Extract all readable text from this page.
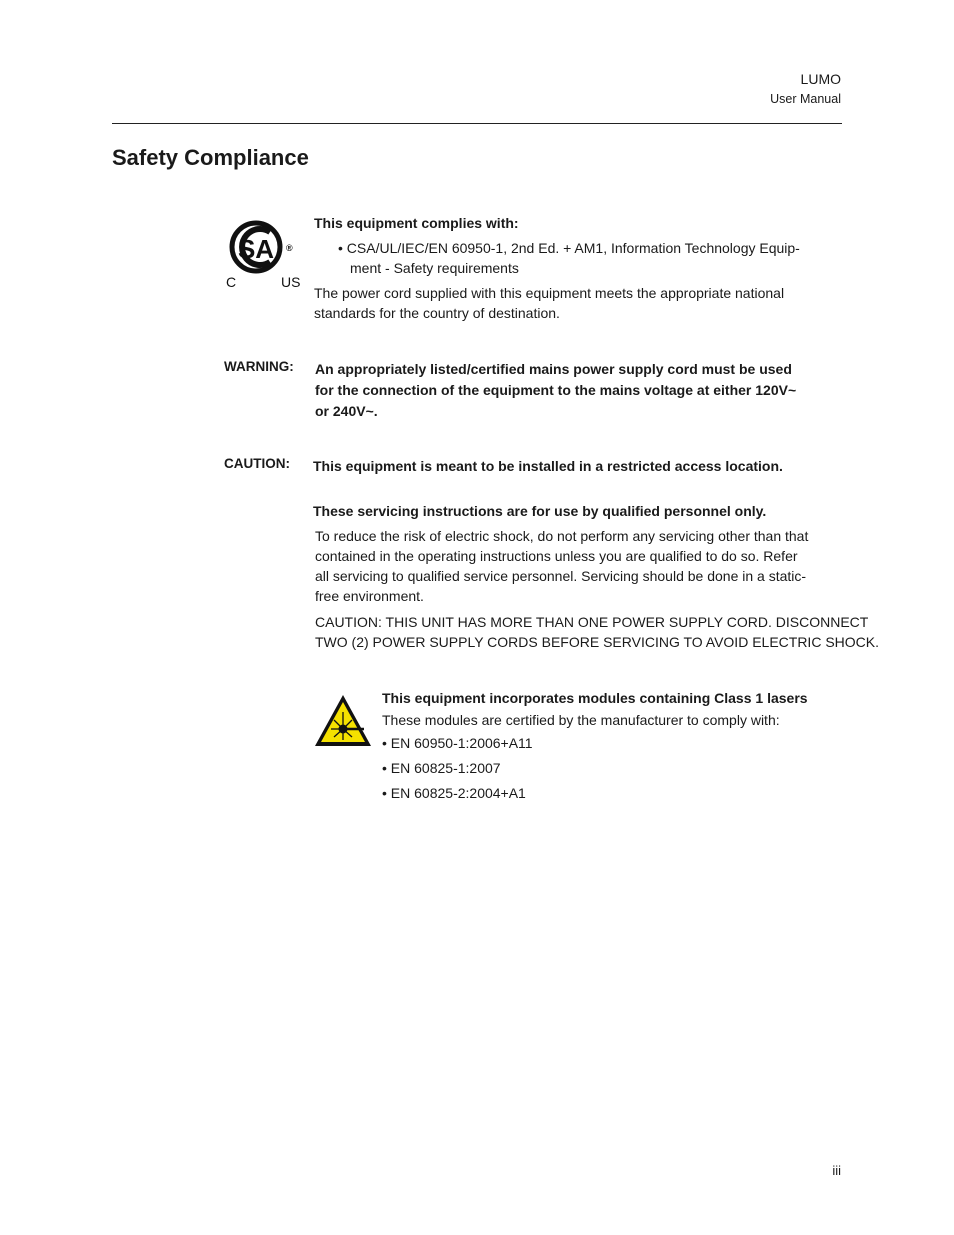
LUMO
User Manual
Safety Compliance
SA ®
C	US
This equipment complies with:
• CSA/UL/IEC/EN 60950-1, 2nd Ed. + AM1, Information Technology Equip-
ment - Safety requirements
The power cord supplied with this equipment meets the appropriate national
standards for the country of destination.
WARNING: An appropriately listed/certified mains power supply cord must be used
for the connection of the equipment to the mains voltage at either 120V~
or 240V~.
CAUTION: This equipment is meant to be installed in a restricted access location.
These servicing instructions are for use by qualified personnel only.
To reduce the risk of electric shock, do not perform any servicing other than that
contained in the operating instructions unless you are qualified to do so. Refer
all servicing to qualified service personnel. Servicing should be done in a static-
free environment.
CAUTION: THIS UNIT HAS MORE THAN ONE POWER SUPPLY CORD. DISCONNECT
TWO (2) POWER SUPPLY CORDS BEFORE SERVICING TO AVOID ELECTRIC SHOCK.
This equipment incorporates modules containing Class 1 lasers
These modules are certified by the manufacturer to comply with:
• EN 60950-1:2006+A11
• EN 60825-1:2007
• EN 60825-2:2004+A1
iii
